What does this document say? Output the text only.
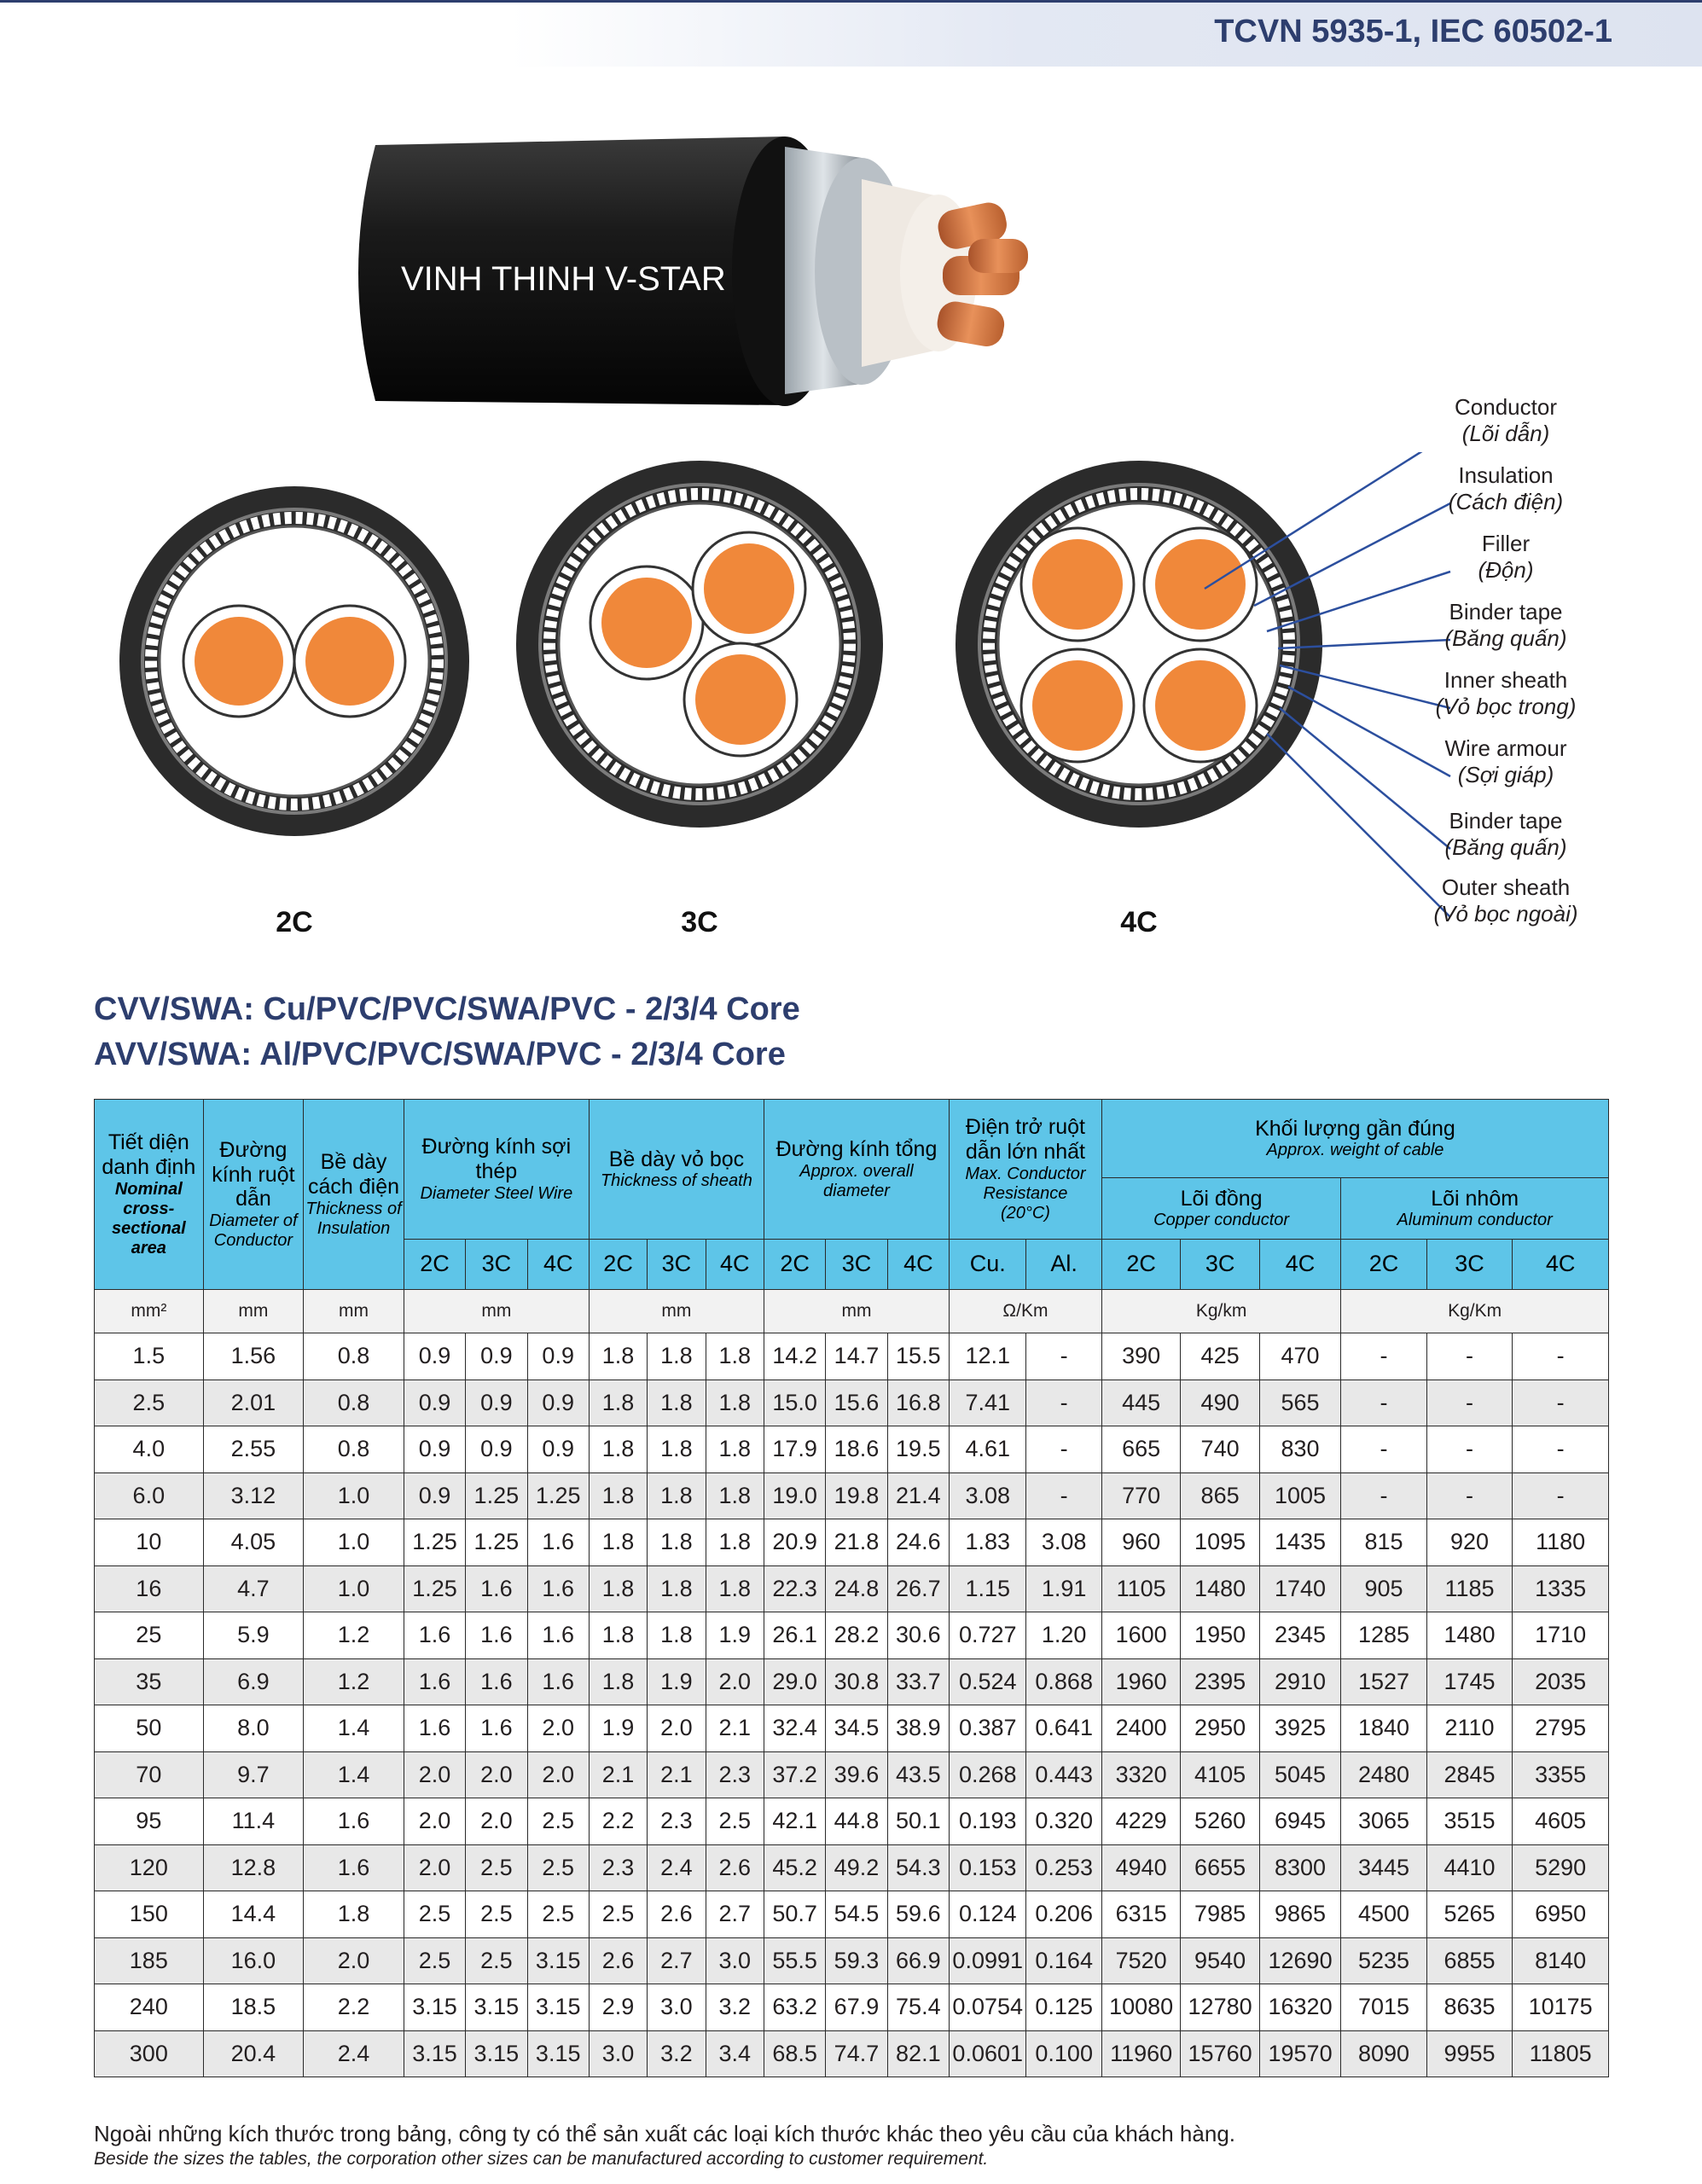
TCVN 5935-1, IEC 60502-1
VINH THINH V-STAR
2C	3C	4C
Conductor
(Lõi dẫn)
Insulation
(Cách điện)
Filler
(Độn)
Binder tape
(Băng quấn)
Inner sheath
(Vỏ bọc trong)
Wire armour
(Sợi giáp)
Binder tape
(Băng quấn)
Outer sheath
(Vỏ bọc ngoài)
CVV/SWA: Cu/PVC/PVC/SWA/PVC - 2/3/4 Core
AVV/SWA: Al/PVC/PVC/SWA/PVC - 2/3/4 Core
Tiết diện danh định
Nominal cross-sectional area	Đường kính ruột dẫn
Diameter of Conductor	Bề dày cách điện
Thickness of Insulation	Đường kính sợi thép
Diameter Steel Wire			Bề dày vỏ bọc
Thickness of sheath			Đường kính tổng
Approx. overall diameter			Điện trở ruột dẫn lớn nhất
Max. Conductor Resistance
(20°C)		Khối lượng gần đúng
Approx. weight of cable					

														Lõi đồng
Copper conductor			Lõi nhôm
Aluminum conductor		

			2C	3C	4C	2C	3C	4C	2C	3C	4C	Cu.	Al.	2C	3C	4C	2C	3C	4C
mm²	mm	mm	mm			mm			mm			Ω/Km		Kg/km			Kg/Km		
1.5	1.56	0.8	0.9	0.9	0.9	1.8	1.8	1.8	14.2	14.7	15.5	12.1	-	390	425	470	-	-	-
2.5	2.01	0.8	0.9	0.9	0.9	1.8	1.8	1.8	15.0	15.6	16.8	7.41	-	445	490	565	-	-	-
4.0	2.55	0.8	0.9	0.9	0.9	1.8	1.8	1.8	17.9	18.6	19.5	4.61	-	665	740	830	-	-	-
6.0	3.12	1.0	0.9	1.25	1.25	1.8	1.8	1.8	19.0	19.8	21.4	3.08	-	770	865	1005	-	-	-
10	4.05	1.0	1.25	1.25	1.6	1.8	1.8	1.8	20.9	21.8	24.6	1.83	3.08	960	1095	1435	815	920	1180
16	4.7	1.0	1.25	1.6	1.6	1.8	1.8	1.8	22.3	24.8	26.7	1.15	1.91	1105	1480	1740	905	1185	1335
25	5.9	1.2	1.6	1.6	1.6	1.8	1.8	1.9	26.1	28.2	30.6	0.727	1.20	1600	1950	2345	1285	1480	1710
35	6.9	1.2	1.6	1.6	1.6	1.8	1.9	2.0	29.0	30.8	33.7	0.524	0.868	1960	2395	2910	1527	1745	2035
50	8.0	1.4	1.6	1.6	2.0	1.9	2.0	2.1	32.4	34.5	38.9	0.387	0.641	2400	2950	3925	1840	2110	2795
70	9.7	1.4	2.0	2.0	2.0	2.1	2.1	2.3	37.2	39.6	43.5	0.268	0.443	3320	4105	5045	2480	2845	3355
95	11.4	1.6	2.0	2.0	2.5	2.2	2.3	2.5	42.1	44.8	50.1	0.193	0.320	4229	5260	6945	3065	3515	4605
120	12.8	1.6	2.0	2.5	2.5	2.3	2.4	2.6	45.2	49.2	54.3	0.153	0.253	4940	6655	8300	3445	4410	5290
150	14.4	1.8	2.5	2.5	2.5	2.5	2.6	2.7	50.7	54.5	59.6	0.124	0.206	6315	7985	9865	4500	5265	6950
185	16.0	2.0	2.5	2.5	3.15	2.6	2.7	3.0	55.5	59.3	66.9	0.0991	0.164	7520	9540	12690	5235	6855	8140
240	18.5	2.2	3.15	3.15	3.15	2.9	3.0	3.2	63.2	67.9	75.4	0.0754	0.125	10080	12780	16320	7015	8635	10175
300	20.4	2.4	3.15	3.15	3.15	3.0	3.2	3.4	68.5	74.7	82.1	0.0601	0.100	11960	15760	19570	8090	9955	11805
Ngoài những kích thước trong bảng, công ty có thể sản xuất các loại kích thước khác theo yêu cầu của khách hàng.
Beside the sizes the tables, the corporation other sizes can be manufactured according to customer requirement.
